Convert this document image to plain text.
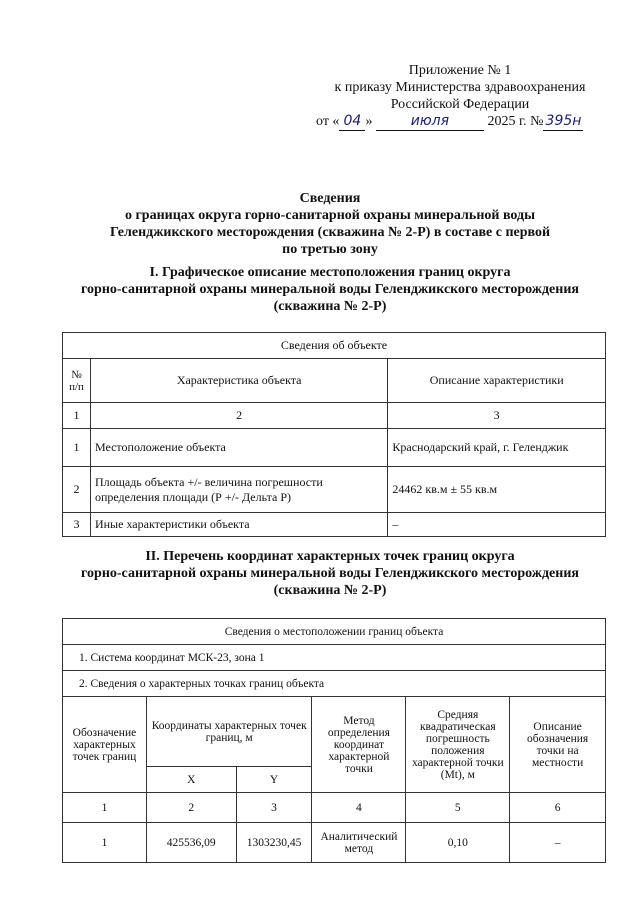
Приложение № 1
к приказу Министерства здравоохранения
Российской Федерации
от « 04 »	июля	2025 г. № 395н
Сведения
о границах округа горно-санитарной охраны минеральной воды
Геленджикского месторождения (скважина № 2-Р) в составе с первой
по третью зону
I. Графическое описание местоположения границ округа
горно-санитарной охраны минеральной воды Геленджикского месторождения
(скважина № 2-Р)
Сведения об объекте		
№ п/п	Характеристика объекта	Описание характеристики
1	2	3
1	Местоположение объекта	Краснодарский край, г. Геленджик
2	Площадь объекта +/- величина погрешности определения площади (Р +/- Дельта Р)	24462 кв.м ± 55 кв.м
3	Иные характеристики объекта	–
II. Перечень координат характерных точек границ округа
горно-санитарной охраны минеральной воды Геленджикского месторождения
(скважина № 2-Р)
Сведения о местоположении границ объекта					
1. Система координат МСК-23, зона 1					
2. Сведения о характерных точках границ объекта					
Обозначение характерных точек границ	Координаты характерных точек границ, м		Метод определения координат характерной точки	Средняя квадратическая погрешность положения характерной точки (Mt), м	Описание обозначения точки на местности
	X	Y			
1	2	3	4	5	6
1	425536,09	1303230,45	Аналитический метод	0,10	–
